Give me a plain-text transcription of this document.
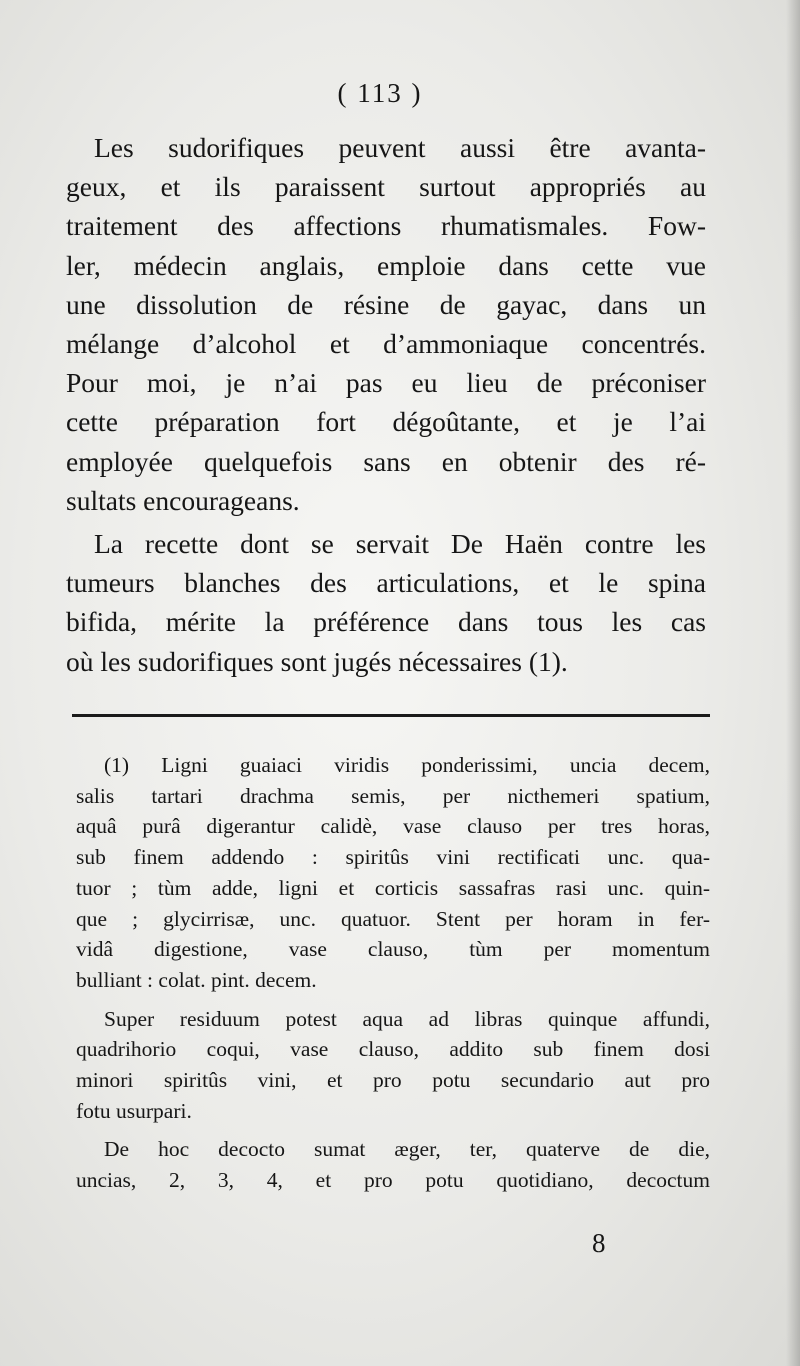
( 113 )

Les sudorifiques peuvent aussi être avanta-
geux, et ils paraissent surtout appropriés au
traitement des affections rhumatismales. Fow-
ler, médecin anglais, emploie dans cette vue
une dissolution de résine de gayac, dans un
mélange d’alcohol et d’ammoniaque concentrés.
Pour moi, je n’ai pas eu lieu de préconiser
cette préparation fort dégoûtante, et je l’ai
employée quelquefois sans en obtenir des ré-
sultats encourageans.

La recette dont se servait De Haën contre les
tumeurs blanches des articulations, et le spina
bifida, mérite la préférence dans tous les cas
où les sudorifiques sont jugés nécessaires (1).

(1) Ligni guaiaci viridis ponderissimi, uncia decem,
salis tartari drachma semis, per nicthemeri spatium,
aquâ purâ digerantur calidè, vase clauso per tres horas,
sub finem addendo : spiritûs vini rectificati unc. qua-
tuor ; tùm adde, ligni et corticis sassafras rasi unc. quin-
que ; glycirrisæ, unc. quatuor. Stent per horam in fer-
vidâ digestione, vase clauso, tùm per momentum
bulliant : colat. pint. decem.
Super residuum potest aqua ad libras quinque affundi,
quadrihorio coqui, vase clauso, addito sub finem dosi
minori spiritûs vini, et pro potu secundario aut pro
fotu usurpari.
De hoc decocto sumat æger, ter, quaterve de die,
uncias, 2, 3, 4, et pro potu quotidiano, decoctum
8
